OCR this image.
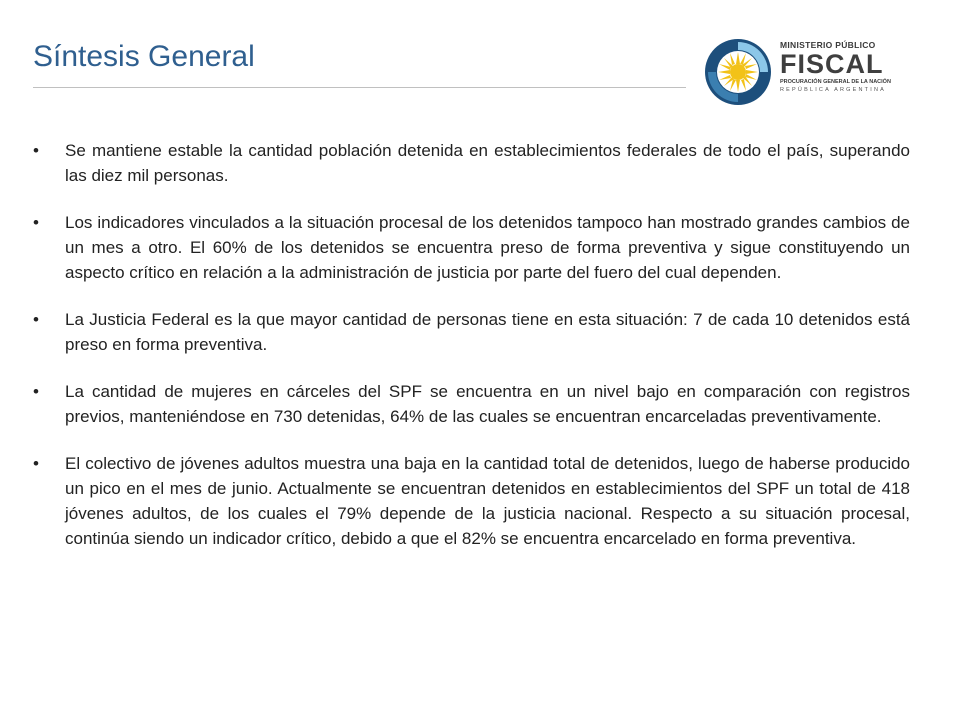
Síntesis General	MINISTERIO PÚBLICO
FISCAL
PROCURACIÓN GENERAL DE LA NACIÓN
REPÚBLICA ARGENTINA

•	Se mantiene estable la cantidad población detenida en establecimientos federales de todo el país, superando las diez mil personas.

•	Los indicadores vinculados a la situación procesal de los detenidos tampoco han mostrado grandes cambios de un mes a otro. El 60% de los detenidos se encuentra preso de forma preventiva y sigue constituyendo un aspecto crítico en relación a la administración de justicia por parte del fuero del cual dependen.

•	La Justicia Federal es la que mayor cantidad de personas tiene en esta situación: 7 de cada 10 detenidos está preso en forma preventiva.

•	La cantidad de mujeres en cárceles del SPF se encuentra en un nivel bajo en comparación con registros previos, manteniéndose en 730 detenidas, 64% de las cuales se encuentran encarceladas preventivamente.

•	El colectivo de jóvenes adultos muestra una baja en la cantidad total de detenidos, luego de haberse producido un pico en el mes de junio. Actualmente se encuentran detenidos en establecimientos del SPF un total de 418 jóvenes adultos, de los cuales el 79% depende de la justicia nacional. Respecto a su situación procesal, continúa siendo un indicador crítico, debido a que el 82% se encuentra encarcelado en forma preventiva.
